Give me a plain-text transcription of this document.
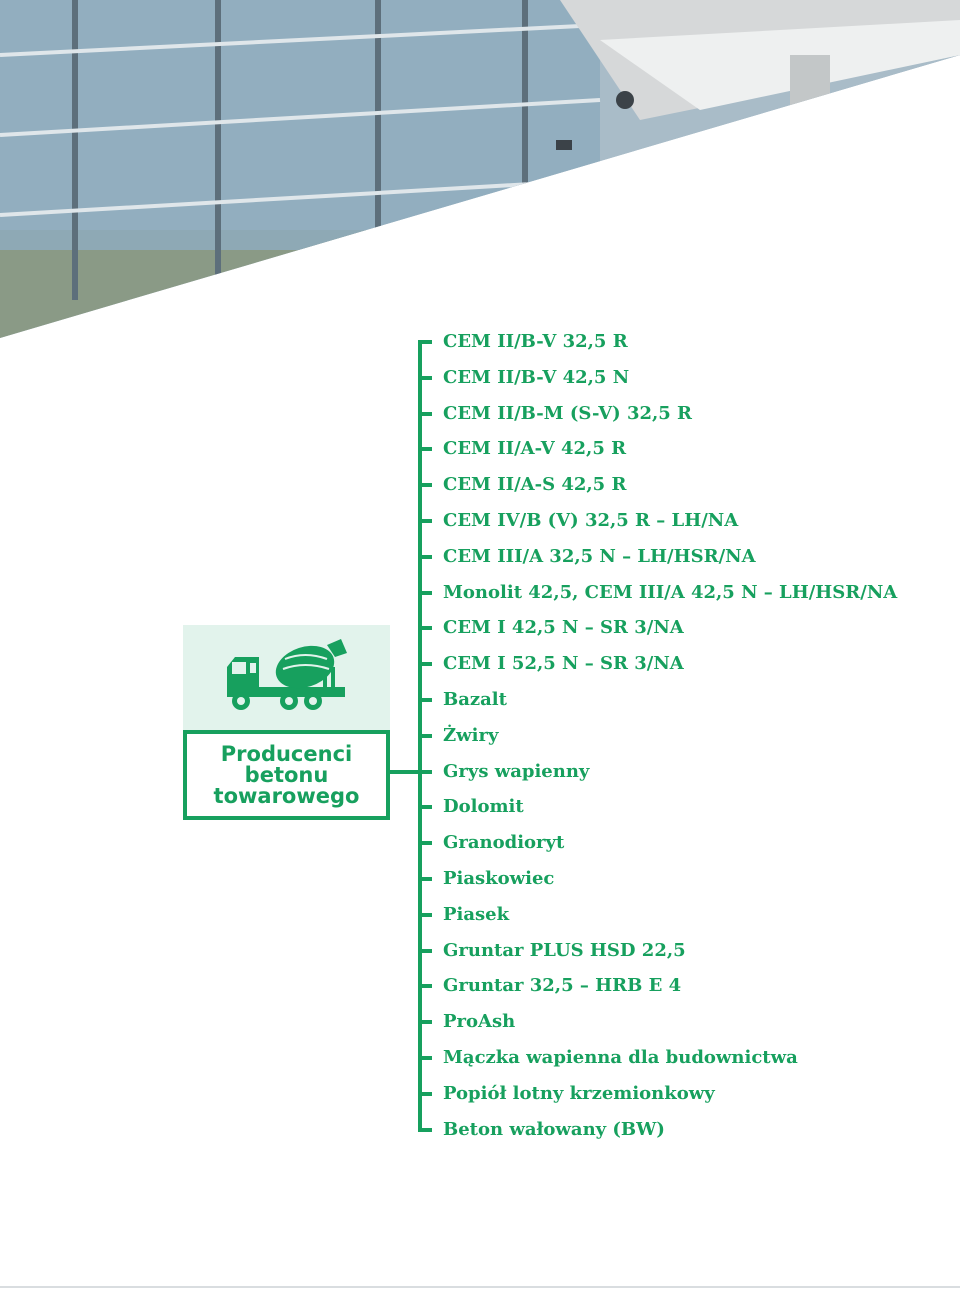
Producenci betonu towarowego
CEM II/B-V 32,5 R
CEM II/B-V 42,5 N
CEM II/B-M (S-V) 32,5 R
CEM II/A-V 42,5 R
CEM II/A-S 42,5 R
CEM IV/B (V) 32,5 R – LH/NA
CEM III/A 32,5 N – LH/HSR/NA
Monolit 42,5, CEM III/A 42,5 N – LH/HSR/NA
CEM I 42,5 N – SR 3/NA
CEM I 52,5 N – SR 3/NA
Bazalt
Żwiry
Grys wapienny
Dolomit
Granodioryt
Piaskowiec
Piasek
Gruntar PLUS HSD 22,5
Gruntar 32,5 – HRB E 4
ProAsh
Mączka wapienna dla budownictwa
Popiół lotny krzemionkowy
Beton wałowany (BW)
